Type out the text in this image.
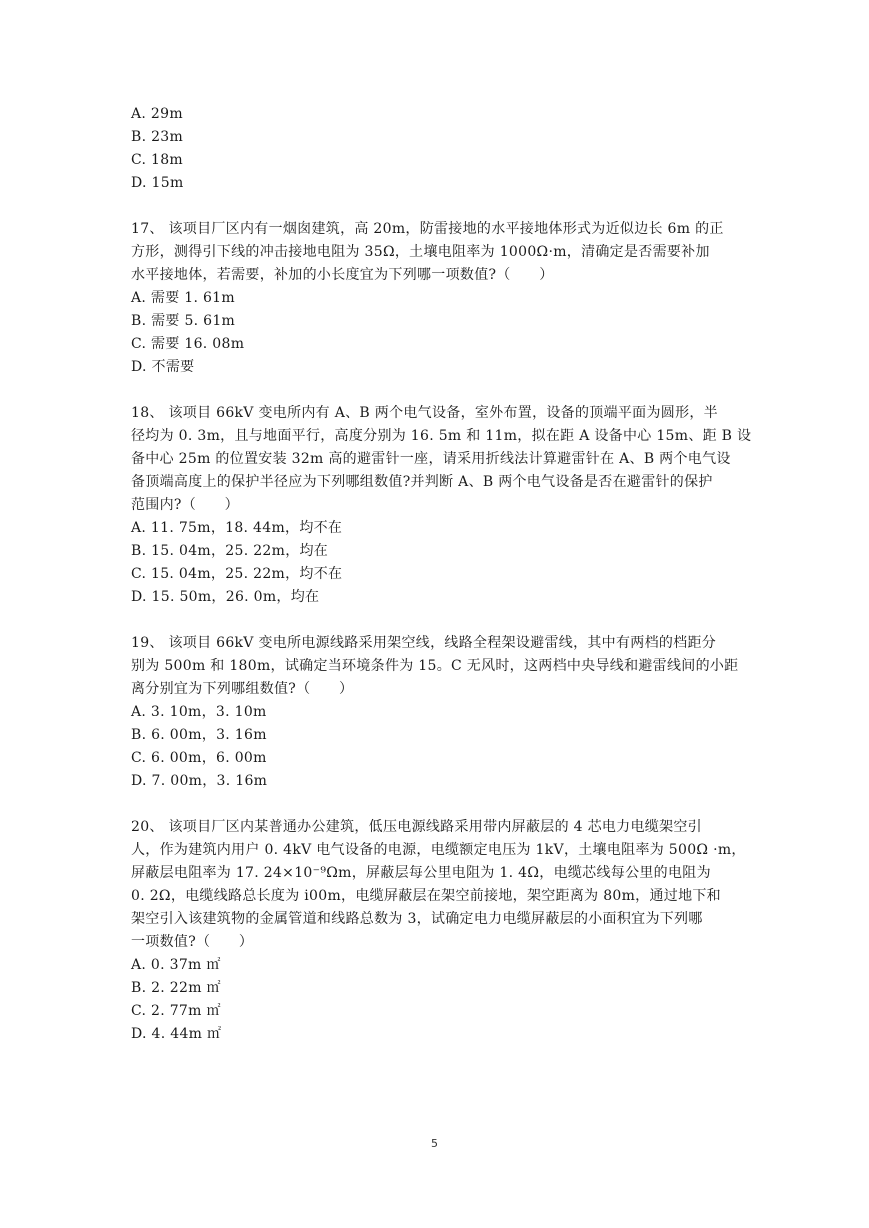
A. 29m
B. 23m
C. 18m
D. 15m
17、 该项目厂区内有一烟囱建筑，高 20m，防雷接地的水平接地体形式为近似边长 6m 的正
方形，测得引下线的冲击接地电阻为 35Ω，土壤电阻率为 1000Ω·m，清确定是否需要补加
水平接地体，若需要，补加的小长度宜为下列哪一项数值?（　　）
A. 需要 1. 61m
B. 需要 5. 61m
C. 需要 16. 08m
D. 不需要
18、 该项目 66kV 变电所内有 A、B 两个电气设备，室外布置，设备的顶端平面为圆形，半
径均为 0. 3m，且与地面平行，高度分别为 16. 5m 和 11m，拟在距 A 设备中心 15m、距 B 设
备中心 25m 的位置安装 32m 高的避雷针一座，请采用折线法计算避雷针在 A、B 两个电气设
备顶端高度上的保护半径应为下列哪组数值?并判断 A、B 两个电气设备是否在避雷针的保护
范围内?（　　）
A. 11. 75m，18. 44m，均不在
B. 15. 04m，25. 22m，均在
C. 15. 04m，25. 22m，均不在
D. 15. 50m，26. 0m，均在
19、 该项目 66kV 变电所电源线路采用架空线，线路全程架设避雷线，其中有两档的档距分
别为 500m 和 180m，试确定当环境条件为 15。C 无风时，这两档中央导线和避雷线间的小距
离分别宜为下列哪组数值?（　　）
A. 3. 10m，3. 10m
B. 6. 00m，3. 16m
C. 6. 00m，6. 00m
D. 7. 00m，3. 16m
20、 该项目厂区内某普通办公建筑，低压电源线路采用带内屏蔽层的 4 芯电力电缆架空引
人，作为建筑内用户 0. 4kV 电气设备的电源，电缆额定电压为 1kV，土壤电阻率为 500Ω ·m，
屏蔽层电阻率为 17. 24×10⁻⁹Ωm，屏蔽层每公里电阻为 1. 4Ω，电缆芯线每公里的电阻为
0. 2Ω，电缆线路总长度为 i00m，电缆屏蔽层在架空前接地，架空距离为 80m，通过地下和
架空引入该建筑物的金属管道和线路总数为 3，试确定电力电缆屏蔽层的小面积宜为下列哪
一项数值?（　　）
A. 0. 37m ㎡
B. 2. 22m ㎡
C. 2. 77m ㎡
D. 4. 44m ㎡
5
